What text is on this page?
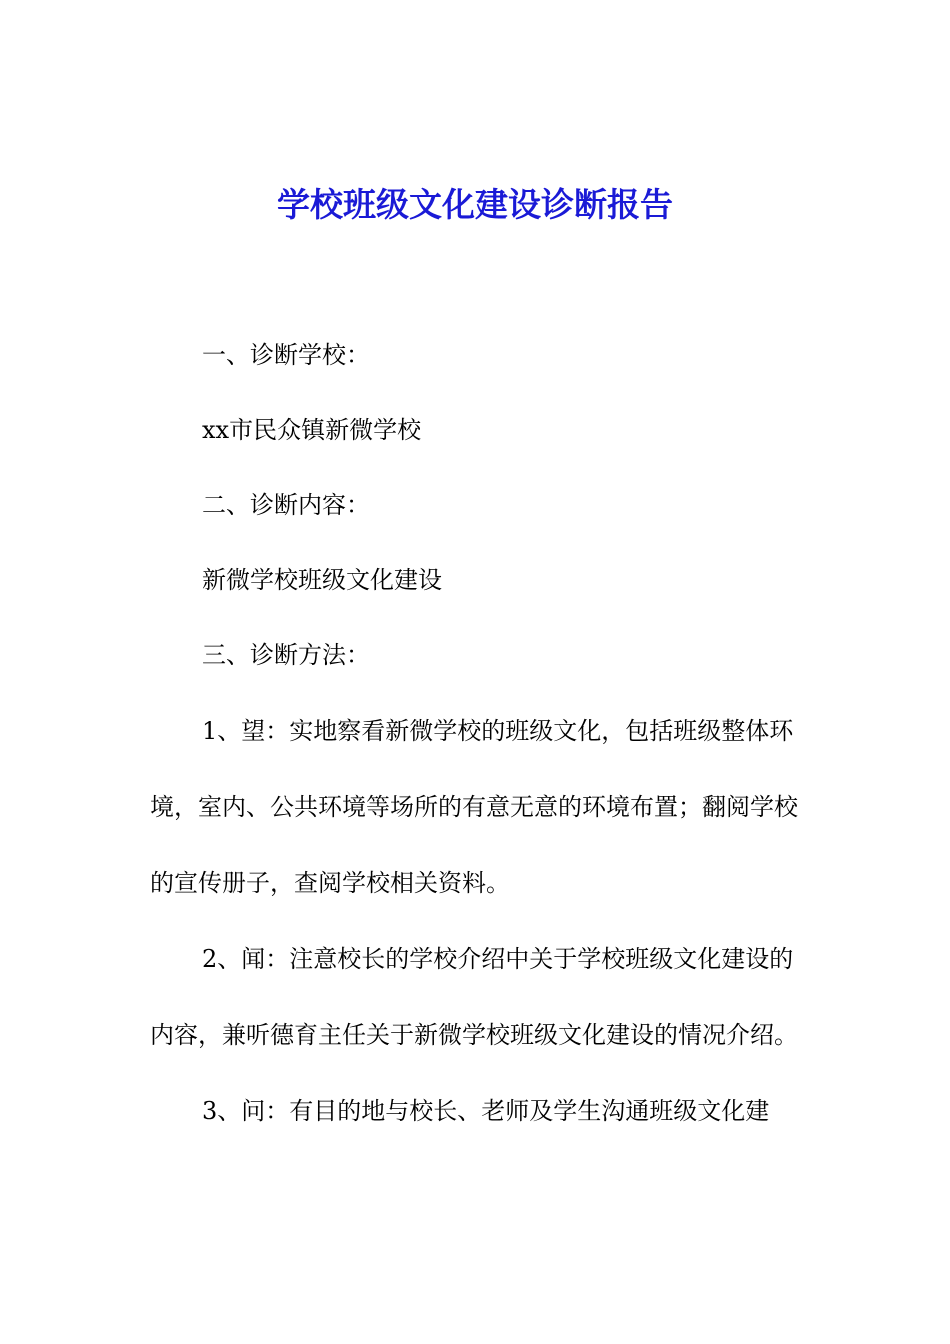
学校班级文化建设诊断报告

一、诊断学校：

xx市民众镇新微学校

二、诊断内容：

新微学校班级文化建设

三、诊断方法：

1、望：实地察看新微学校的班级文化，包括班级整体环境，室内、公共环境等场所的有意无意的环境布置；翻阅学校的宣传册子，查阅学校相关资料。

2、闻：注意校长的学校介绍中关于学校班级文化建设的内容，兼听德育主任关于新微学校班级文化建设的情况介绍。

3、问：有目的地与校长、老师及学生沟通班级文化建
